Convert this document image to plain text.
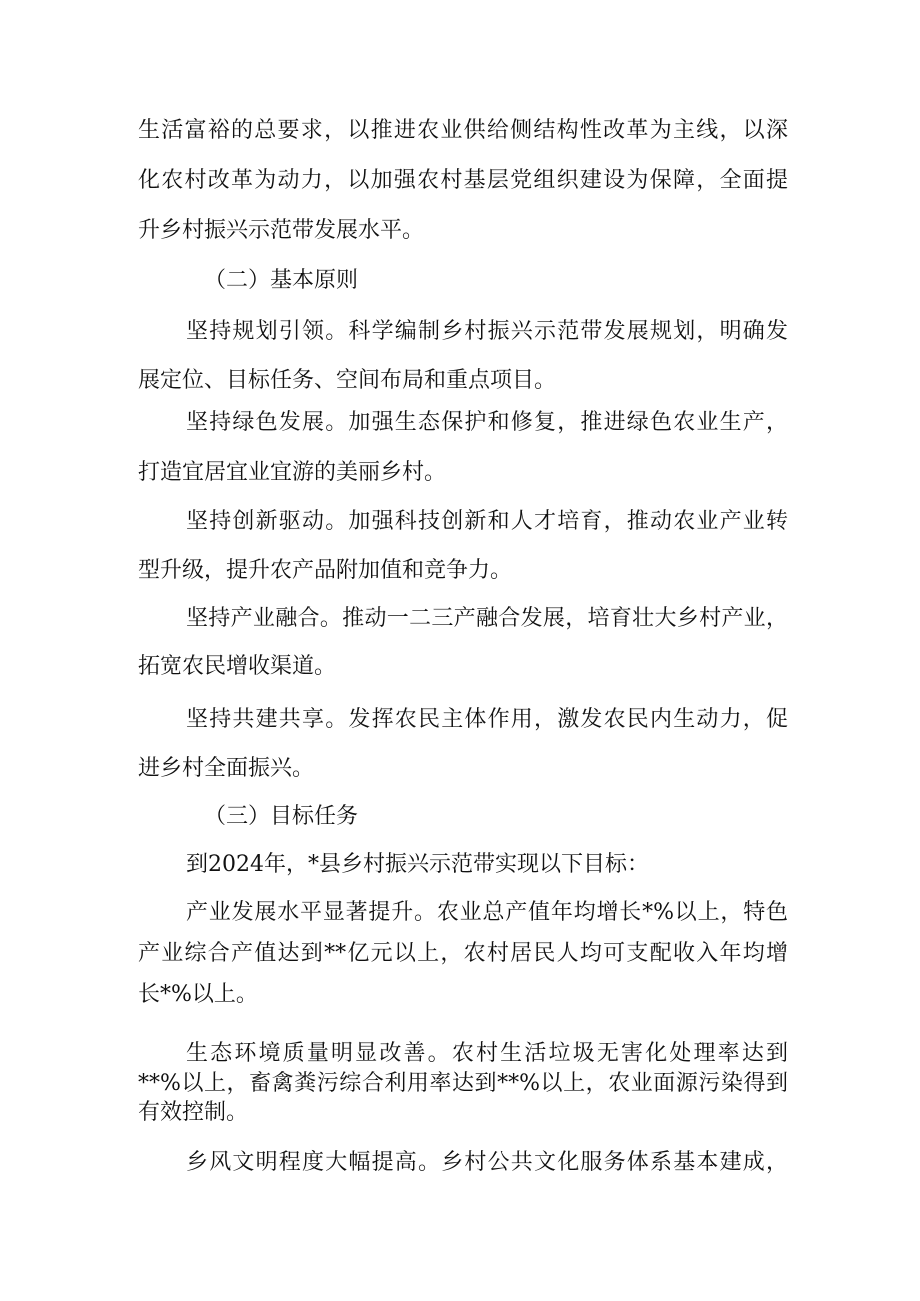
生活富裕的总要求，以推进农业供给侧结构性改革为主线，以深
化农村改革为动力，以加强农村基层党组织建设为保障，全面提
升乡村振兴示范带发展水平。
（二）基本原则
坚持规划引领。科学编制乡村振兴示范带发展规划，明确发
展定位、目标任务、空间布局和重点项目。
坚持绿色发展。加强生态保护和修复，推进绿色农业生产，
打造宜居宜业宜游的美丽乡村。
坚持创新驱动。加强科技创新和人才培育，推动农业产业转
型升级，提升农产品附加值和竞争力。
坚持产业融合。推动一二三产融合发展，培育壮大乡村产业，
拓宽农民增收渠道。
坚持共建共享。发挥农民主体作用，激发农民内生动力，促
进乡村全面振兴。
（三）目标任务
到2024年，*县乡村振兴示范带实现以下目标：
产业发展水平显著提升。农业总产值年均增长*%以上，特色
产业综合产值达到**亿元以上，农村居民人均可支配收入年均增
长*%以上。
生态环境质量明显改善。农村生活垃圾无害化处理率达到
**%以上，畜禽粪污综合利用率达到**%以上，农业面源污染得到
有效控制。
乡风文明程度大幅提高。乡村公共文化服务体系基本建成，
